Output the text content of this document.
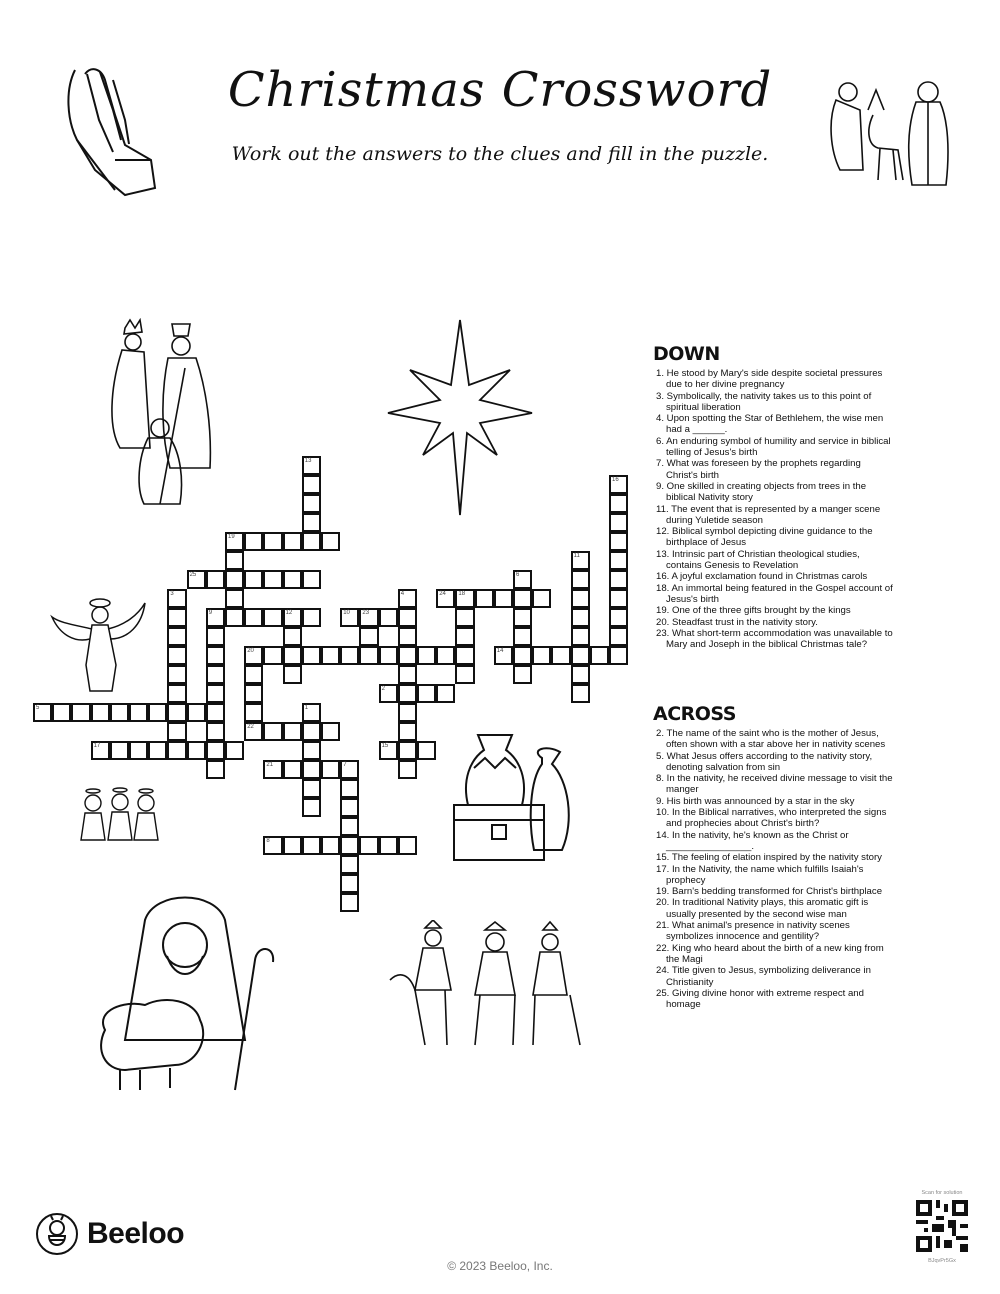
Christmas Crossword
Work out the answers to the clues and fill in the puzzle.
13
19
16
11
25	6
3	4	24 18
9	12	10 23
20
22
14
2
5	1
17	15
21	7
8
DOWN

1. He stood by Mary's side despite societal pressures due to her divine pregnancy

3. Symbolically, the nativity takes us to this point of spiritual liberation

4. Upon spotting the Star of Bethlehem, the wise men had a ______.

6. An enduring symbol of humility and service in biblical telling of Jesus's birth

7. What was foreseen by the prophets regarding Christ's birth

9. One skilled in creating objects from trees in the biblical Nativity story

11. The event that is represented by a manger scene during Yuletide season

12. Biblical symbol depicting divine guidance to the birthplace of Jesus

13. Intrinsic part of Christian theological studies, contains Genesis to Revelation

16. A joyful exclamation found in Christmas carols

18. An immortal being featured in the Gospel account of Jesus's birth

19. One of the three gifts brought by the kings

20. Steadfast trust in the nativity story.

23. What short-term accommodation was unavailable to Mary and Joseph in the biblical Christmas tale?

ACROSS

2. The name of the saint who is the mother of Jesus, often shown with a star above her in nativity scenes

5. What Jesus offers according to the nativity story, denoting salvation from sin

8. In the nativity, he received divine message to visit the manger

9. His birth was announced by a star in the sky

10. In the Biblical narratives, who interpreted the signs and prophecies about Christ's birth?

14. In the nativity, he's known as the Christ or ________________.

15. The feeling of elation inspired by the nativity story

17. In the Nativity, the name which fulfills Isaiah's prophecy

19. Barn's bedding transformed for Christ's birthplace

20. In traditional Nativity plays, this aromatic gift is usually presented by the second wise man

21. What animal's presence in nativity scenes symbolizes innocence and gentility?

22. King who heard about the birth of a new king from the Magi

24. Title given to Jesus, symbolizing deliverance in Christianity

25. Giving divine honor with extreme respect and homage

Beeloo
© 2023 Beeloo, Inc.
Scan for solution
BJqvPr5Gx
